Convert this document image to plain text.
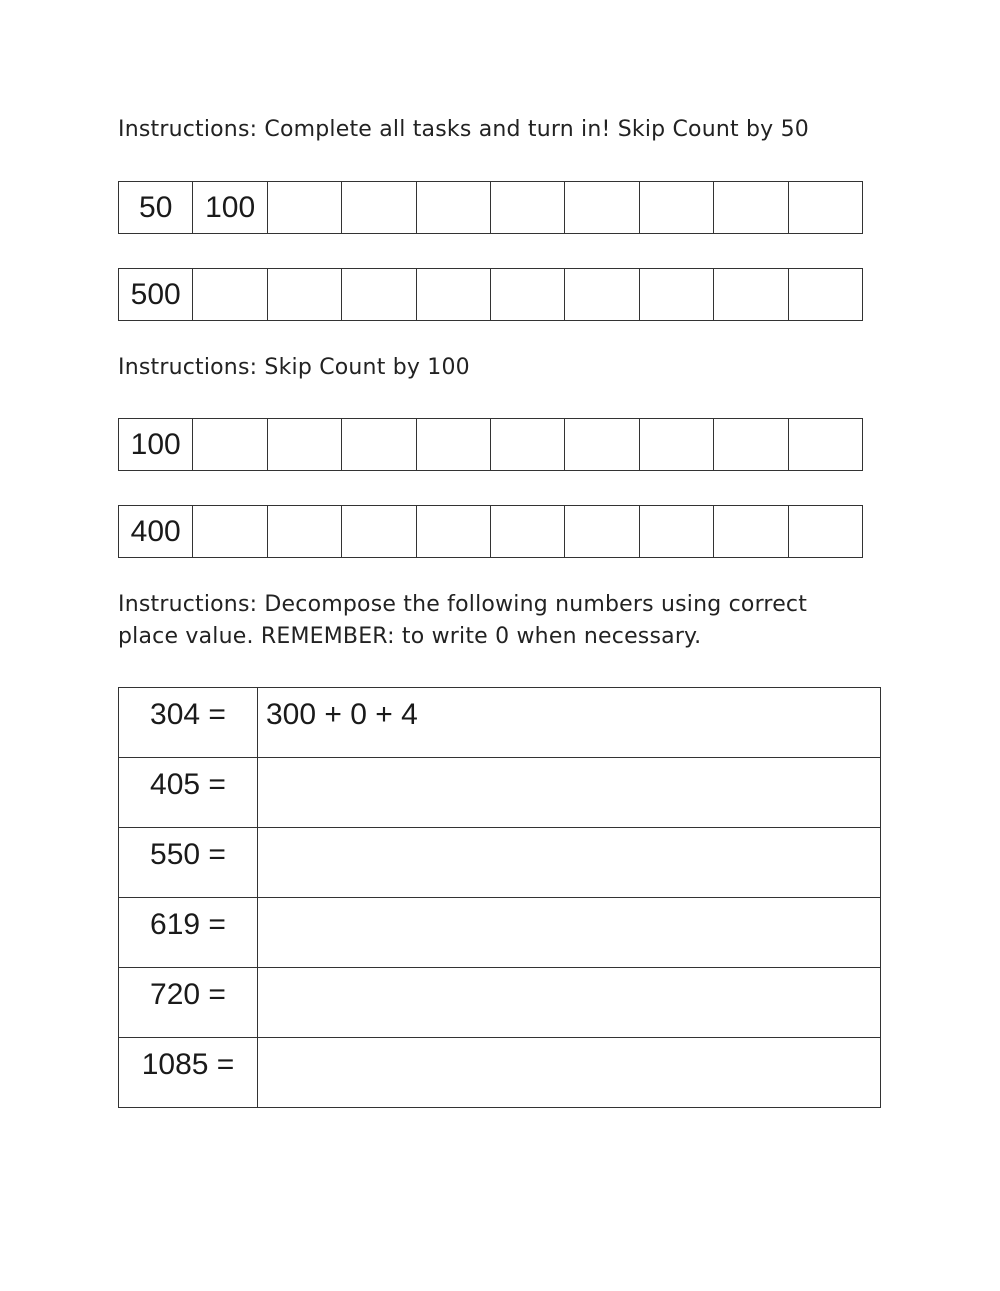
Instructions: Complete all tasks and turn in! Skip Count by 50
50	100
500
Instructions: Skip Count by 100
100
400
Instructions: Decompose the following numbers using correct
place value. REMEMBER: to write 0 when necessary.
304 =	300 + 0 + 4
405 =	
550 =	
619 =	
720 =	
1085 =	
